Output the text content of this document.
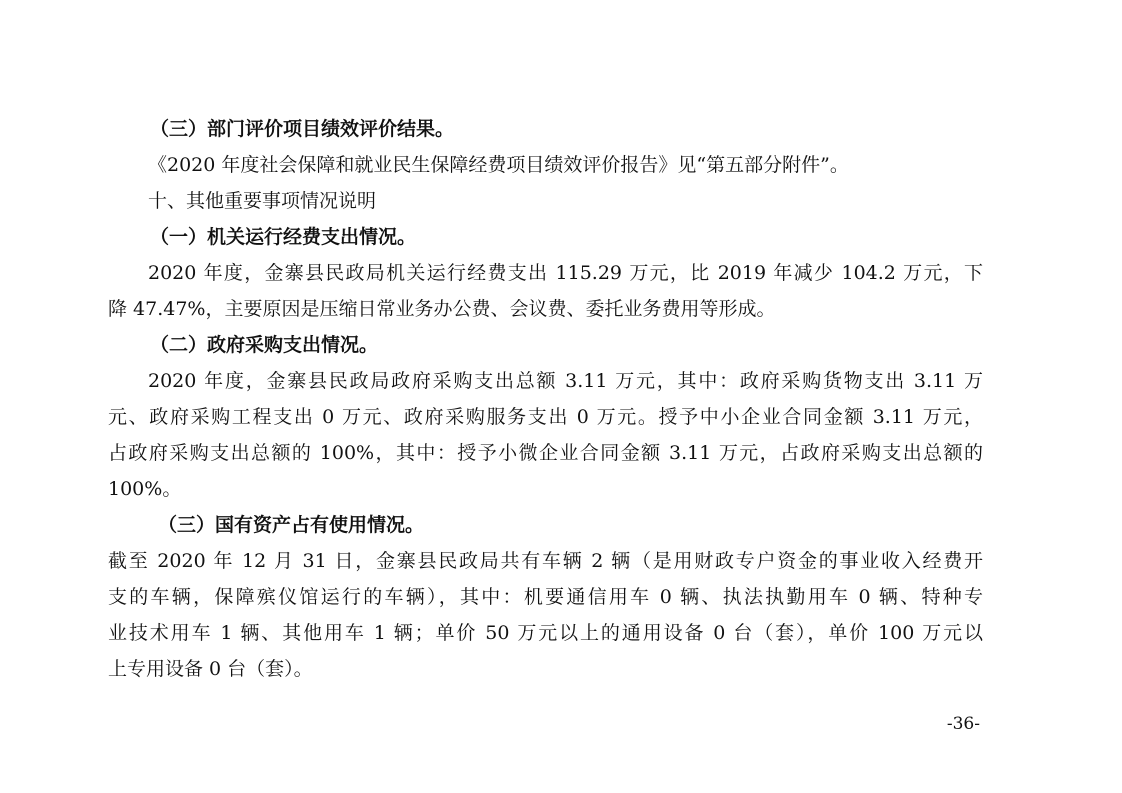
（三）部门评价项目绩效评价结果。
《2020 年度社会保障和就业民生保障经费项目绩效评价报告》见“第五部分附件”。
十、其他重要事项情况说明
（一）机关运行经费支出情况。
2020 年度，金寨县民政局机关运行经费支出 115.29 万元，比 2019 年减少 104.2 万元，下
降 47.47%，主要原因是压缩日常业务办公费、会议费、委托业务费用等形成。
（二）政府采购支出情况。
2020 年度，金寨县民政局政府采购支出总额 3.11 万元，其中：政府采购货物支出 3.11 万
元、政府采购工程支出 0 万元、政府采购服务支出 0 万元。授予中小企业合同金额 3.11 万元，
占政府采购支出总额的 100%，其中：授予小微企业合同金额 3.11 万元，占政府采购支出总额的
100%。
（三）国有资产占有使用情况。
截至 2020 年 12 月 31 日，金寨县民政局共有车辆 2 辆（是用财政专户资金的事业收入经费开
支的车辆，保障殡仪馆运行的车辆），其中：机要通信用车 0 辆、执法执勤用车 0 辆、特种专
业技术用车 1 辆、其他用车 1 辆；单价 50 万元以上的通用设备 0 台（套），单价 100 万元以
上专用设备 0 台（套）。
-36-
